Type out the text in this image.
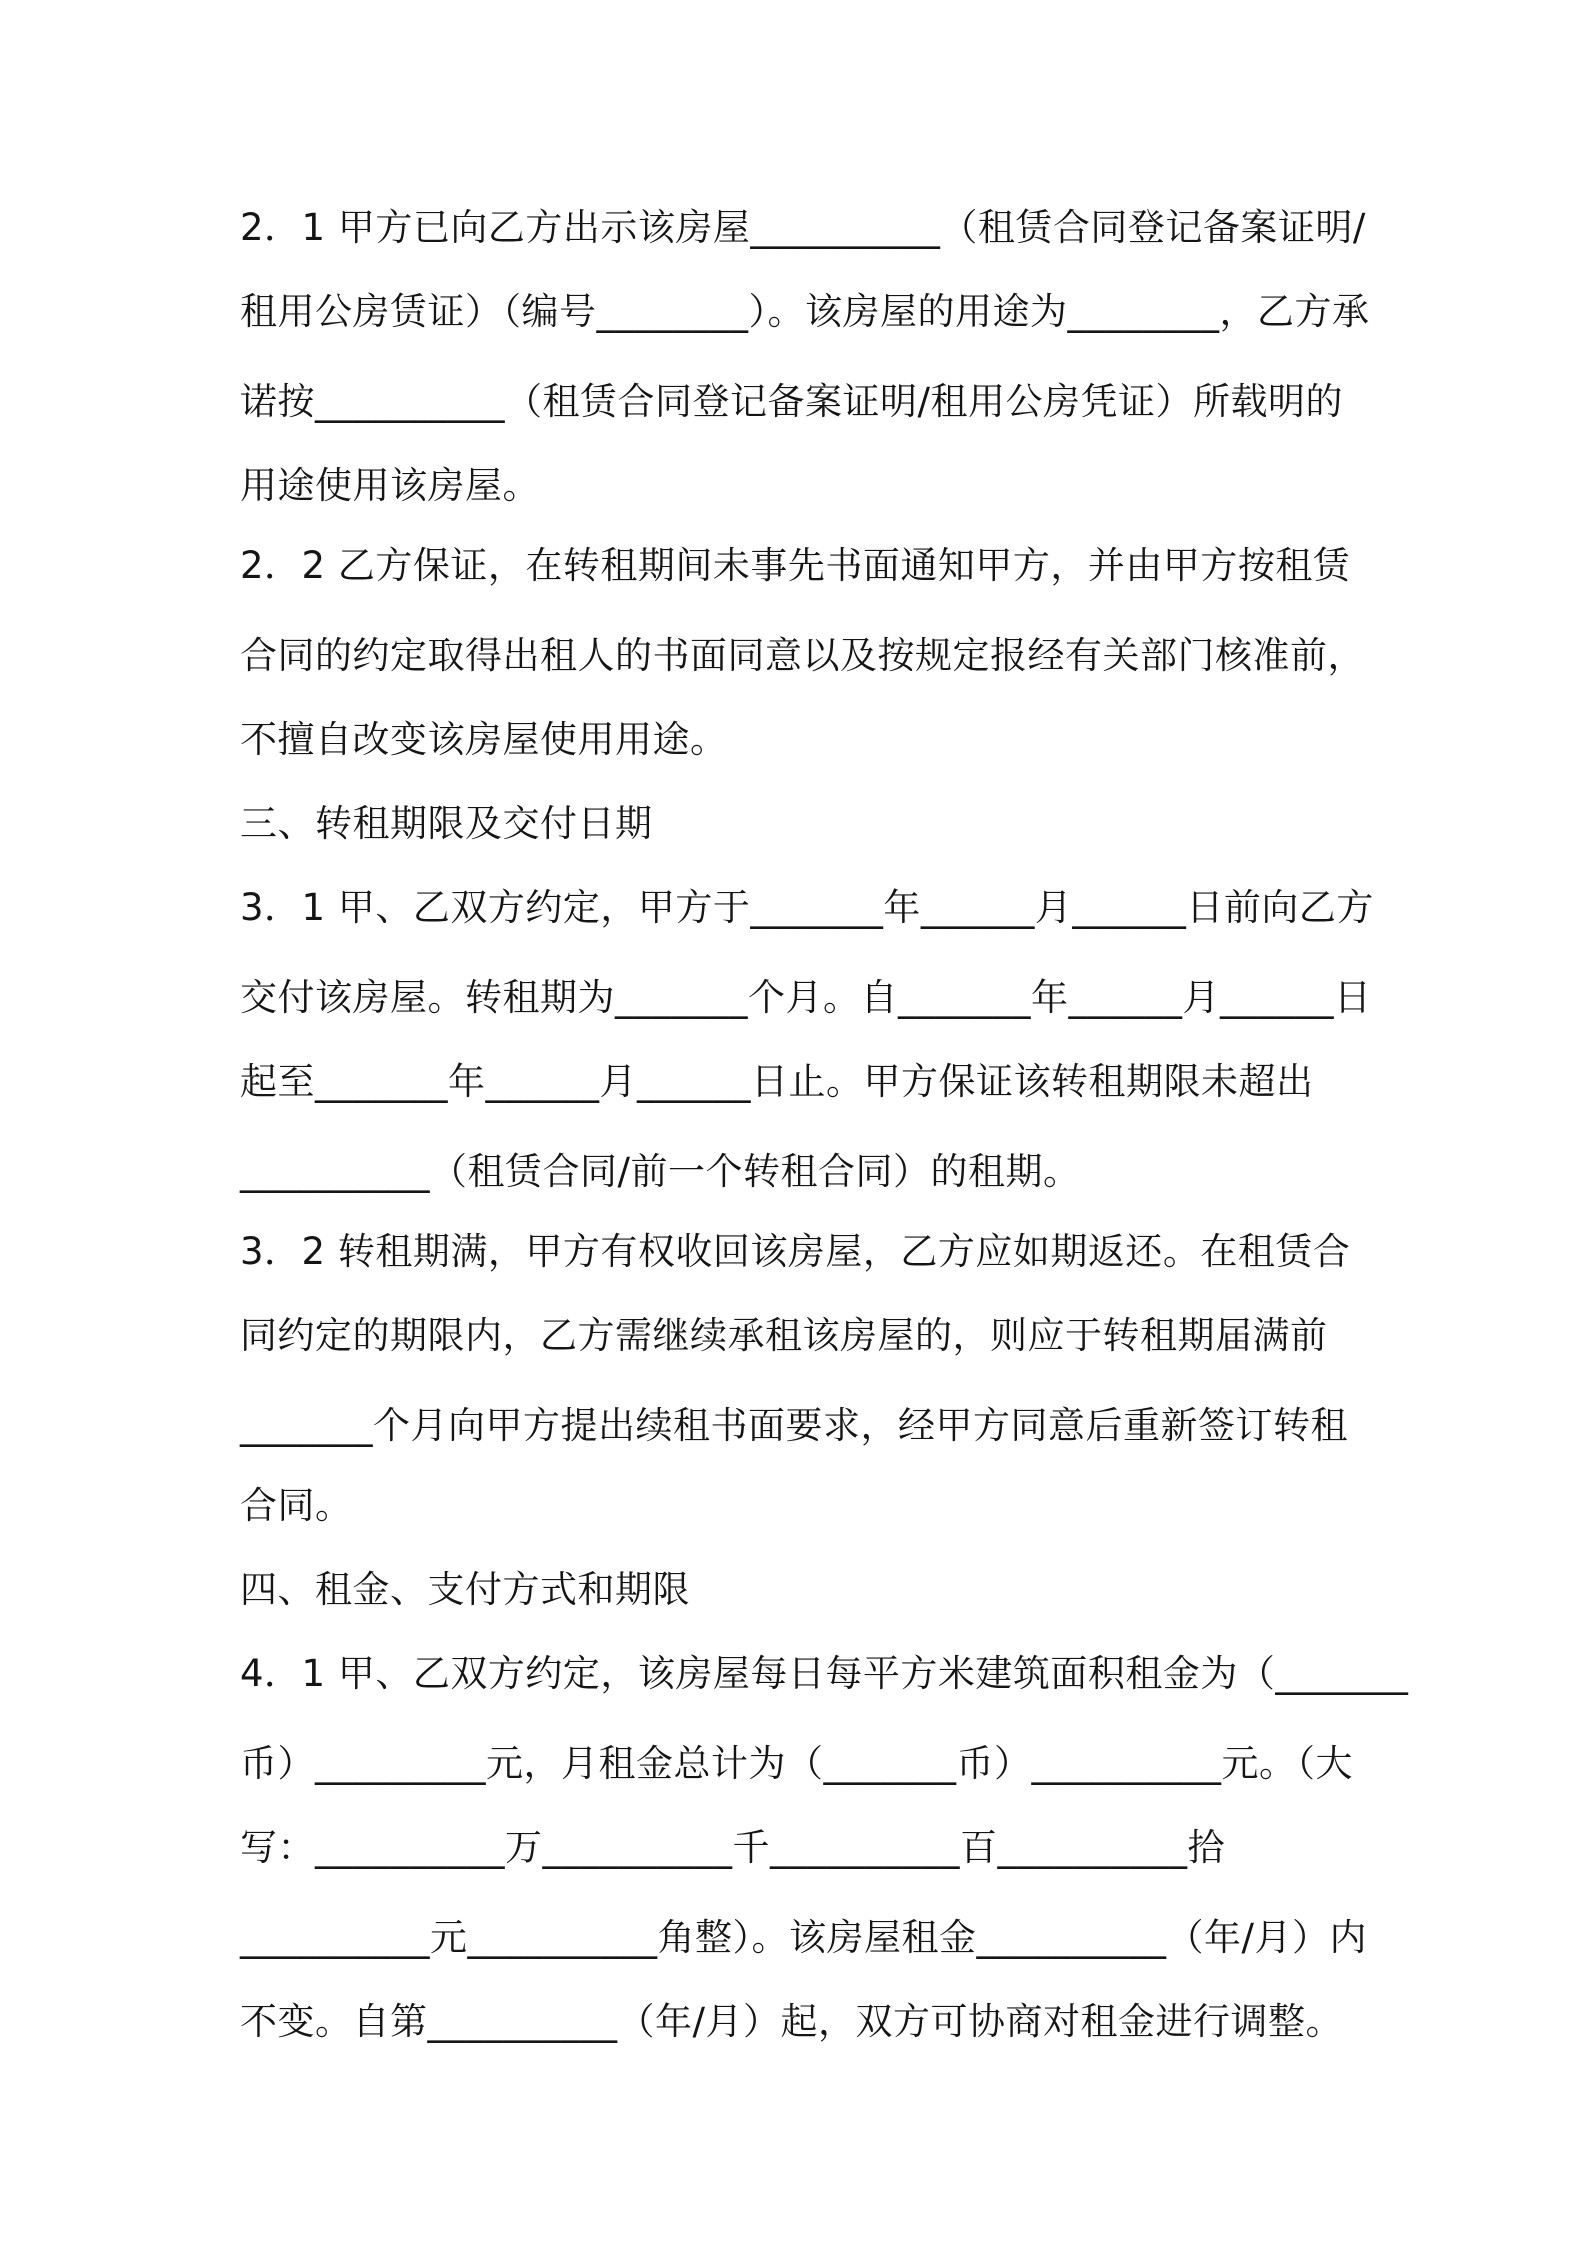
2．1 甲方已向乙方出示该房屋__________（租赁合同登记备案证明/
租用公房赁证）（编号________）。该房屋的用途为________，乙方承
诺按__________（租赁合同登记备案证明/租用公房凭证）所载明的
用途使用该房屋。
2．2 乙方保证，在转租期间未事先书面通知甲方，并由甲方按租赁
合同的约定取得出租人的书面同意以及按规定报经有关部门核准前，
不擅自改变该房屋使用用途。
三、转租期限及交付日期
3．1 甲、乙双方约定，甲方于_______年______月______日前向乙方
交付该房屋。转租期为_______个月。自_______年______月______日
起至_______年______月______日止。甲方保证该转租期限未超出
__________（租赁合同/前一个转租合同）的租期。
3．2 转租期满，甲方有权收回该房屋，乙方应如期返还。在租赁合
同约定的期限内，乙方需继续承租该房屋的，则应于转租期届满前
_______个月向甲方提出续租书面要求，经甲方同意后重新签订转租
合同。
四、租金、支付方式和期限
4．1 甲、乙双方约定，该房屋每日每平方米建筑面积租金为（_______
币）_________元，月租金总计为（_______币）__________元。（大
写：__________万__________千__________百__________拾
__________元__________角整）。该房屋租金__________（年/月）内
不变。自第__________（年/月）起，双方可协商对租金进行调整。
